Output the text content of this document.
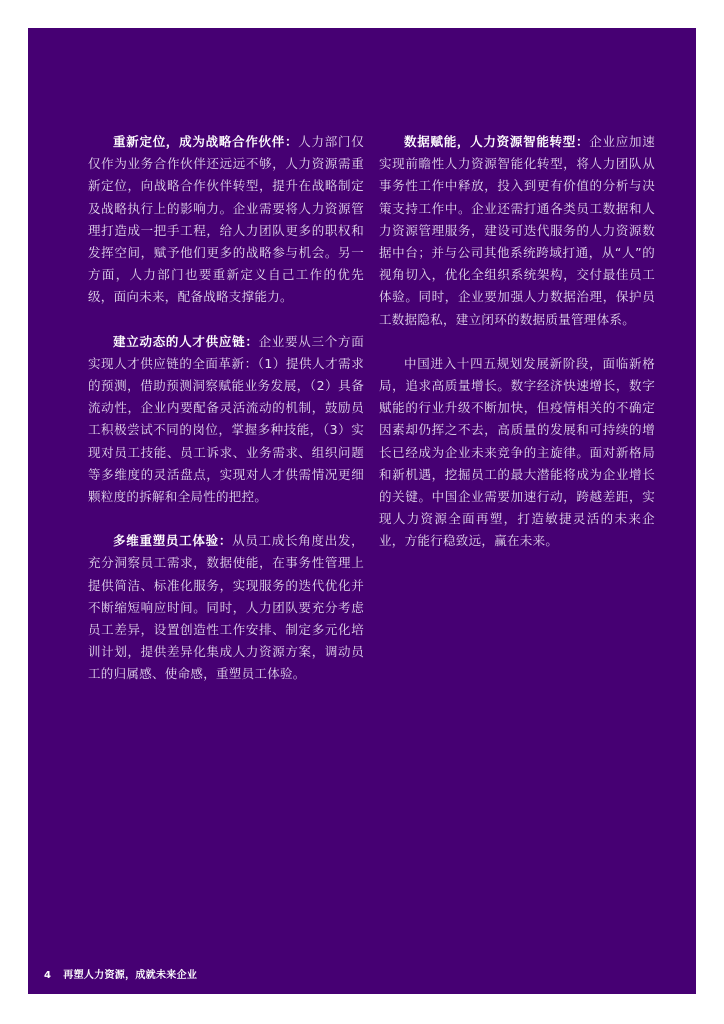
重新定位，成为战略合作伙伴：人力部门仅仅作为业务合作伙伴还远远不够，人力资源需重新定位，向战略合作伙伴转型，提升在战略制定及战略执行上的影响力。企业需要将人力资源管理打造成一把手工程，给人力团队更多的职权和发挥空间，赋予他们更多的战略参与机会。另一方面，人力部门也要重新定义自己工作的优先级，面向未来，配备战略支撑能力。

建立动态的人才供应链：企业要从三个方面实现人才供应链的全面革新：（1）提供人才需求的预测，借助预测洞察赋能业务发展，（2）具备流动性，企业内要配备灵活流动的机制，鼓励员工积极尝试不同的岗位，掌握多种技能，（3）实现对员工技能、员工诉求、业务需求、组织问题等多维度的灵活盘点，实现对人才供需情况更细颗粒度的拆解和全局性的把控。

多维重塑员工体验：从员工成长角度出发，充分洞察员工需求，数据使能，在事务性管理上提供简洁、标准化服务，实现服务的迭代优化并不断缩短响应时间。同时，人力团队要充分考虑员工差异，设置创造性工作安排、制定多元化培训计划，提供差异化集成人力资源方案，调动员工的归属感、使命感，重塑员工体验。

数据赋能，人力资源智能转型：企业应加速实现前瞻性人力资源智能化转型，将人力团队从事务性工作中释放，投入到更有价值的分析与决策支持工作中。企业还需打通各类员工数据和人力资源管理服务，建设可迭代服务的人力资源数据中台；并与公司其他系统跨域打通，从“人”的视角切入，优化全组织系统架构，交付最佳员工体验。同时，企业要加强人力数据治理，保护员工数据隐私，建立闭环的数据质量管理体系。

中国进入十四五规划发展新阶段，面临新格局，追求高质量增长。数字经济快速增长，数字赋能的行业升级不断加快，但疫情相关的不确定因素却仍挥之不去，高质量的发展和可持续的增长已经成为企业未来竞争的主旋律。面对新格局和新机遇，挖掘员工的最大潜能将成为企业增长的关键。中国企业需要加速行动，跨越差距，实现人力资源全面再塑，打造敏捷灵活的未来企业，方能行稳致远，赢在未来。

4 再塑人力资源，成就未来企业
